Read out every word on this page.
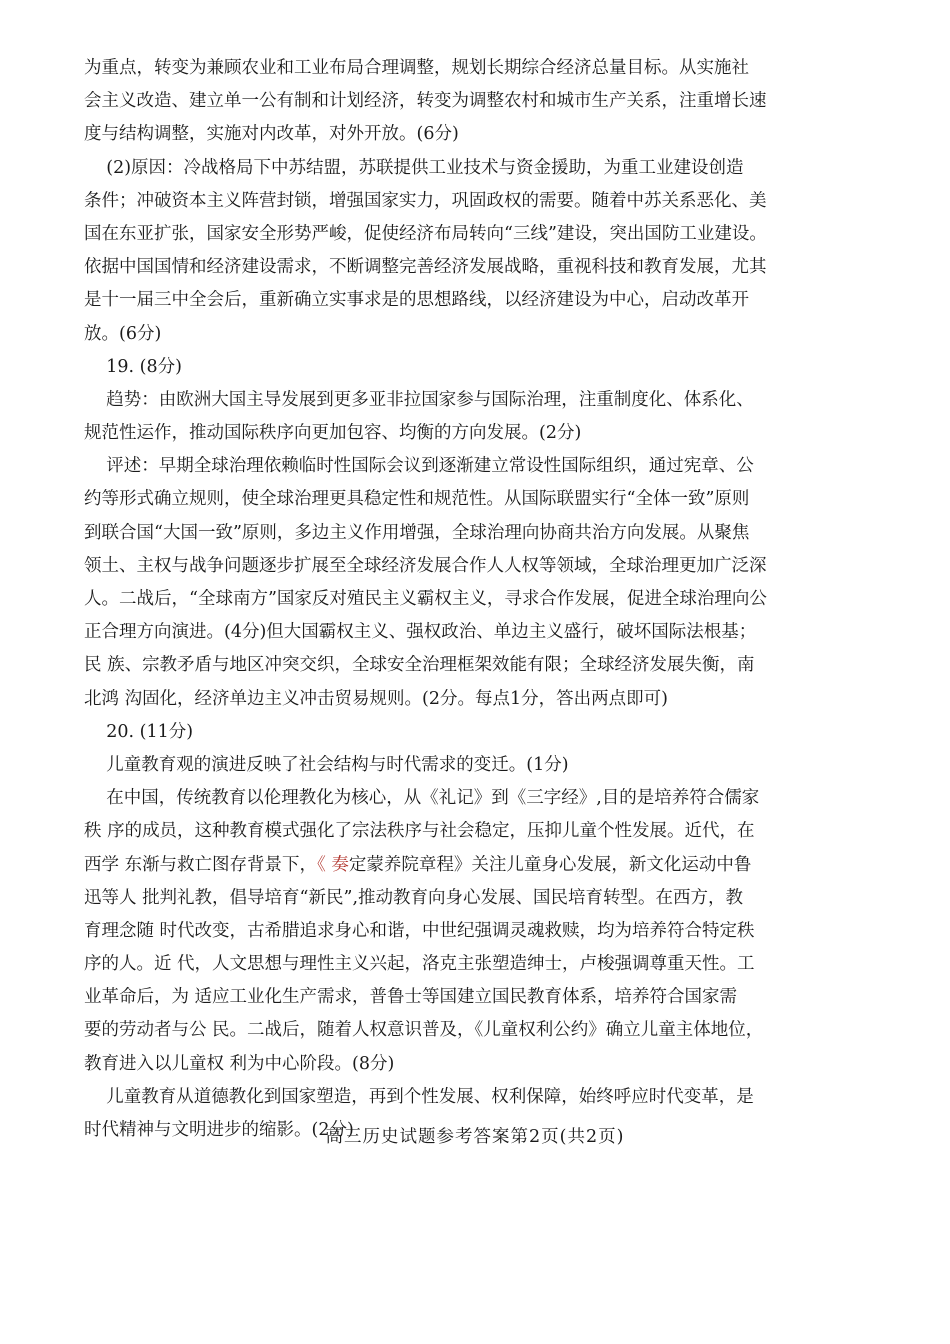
为重点，转变为兼顾农业和工业布局合理调整，规划长期综合经济总量目标。从实施社
会主义改造、建立单一公有制和计划经济，转变为调整农村和城市生产关系，注重增长速
度与结构调整，实施对内改革，对外开放。(6分)
(2)原因：冷战格局下中苏结盟，苏联提供工业技术与资金援助，为重工业建设创造
条件；冲破资本主义阵营封锁，增强国家实力，巩固政权的需要。随着中苏关系恶化、美
国在东亚扩张，国家安全形势严峻，促使经济布局转向“三线”建设，突出国防工业建设。
依据中国国情和经济建设需求，不断调整完善经济发展战略，重视科技和教育发展，尤其
是十一届三中全会后，重新确立实事求是的思想路线，以经济建设为中心，启动改革开
放。(6分)
19. (8分)
趋势：由欧洲大国主导发展到更多亚非拉国家参与国际治理，注重制度化、体系化、
规范性运作，推动国际秩序向更加包容、均衡的方向发展。(2分)
评述：早期全球治理依赖临时性国际会议到逐渐建立常设性国际组织，通过宪章、公
约等形式确立规则，使全球治理更具稳定性和规范性。从国际联盟实行“全体一致”原则
到联合国“大国一致”原则，多边主义作用增强，全球治理向协商共治方向发展。从聚焦
领土、主权与战争问题逐步扩展至全球经济发展合作人人权等领域，全球治理更加广泛深
人。二战后，“全球南方”国家反对殖民主义霸权主义，寻求合作发展，促进全球治理向公
正合理方向演进。(4分)但大国霸权主义、强权政治、单边主义盛行，破坏国际法根基；
民 族、宗教矛盾与地区冲突交织，全球安全治理框架效能有限；全球经济发展失衡，南
北鸿 沟固化，经济单边主义冲击贸易规则。(2分。每点1分，答出两点即可)
20. (11分)
儿童教育观的演进反映了社会结构与时代需求的变迁。(1分)
在中国，传统教育以伦理教化为核心，从《礼记》到《三字经》,目的是培养符合儒家
秩 序的成员，这种教育模式强化了宗法秩序与社会稳定，压抑儿童个性发展。近代，在
西学 东渐与救亡图存背景下，《 奏定蒙养院章程》关注儿童身心发展，新文化运动中鲁
迅等人 批判礼教，倡导培育“新民”,推动教育向身心发展、国民培育转型。在西方，教
育理念随 时代改变，古希腊追求身心和谐，中世纪强调灵魂救赎，均为培养符合特定秩
序的人。近 代，人文思想与理性主义兴起，洛克主张塑造绅士，卢梭强调尊重天性。工
业革命后，为 适应工业化生产需求，普鲁士等国建立国民教育体系，培养符合国家需
要的劳动者与公 民。二战后，随着人权意识普及，《儿童权利公约》确立儿童主体地位，
教育进入以儿童权 利为中心阶段。(8分)
儿童教育从道德教化到国家塑造，再到个性发展、权利保障，始终呼应时代变革，是
时代精神与文明进步的缩影。(2分)
高三历史试题参考答案第2页(共2页)
